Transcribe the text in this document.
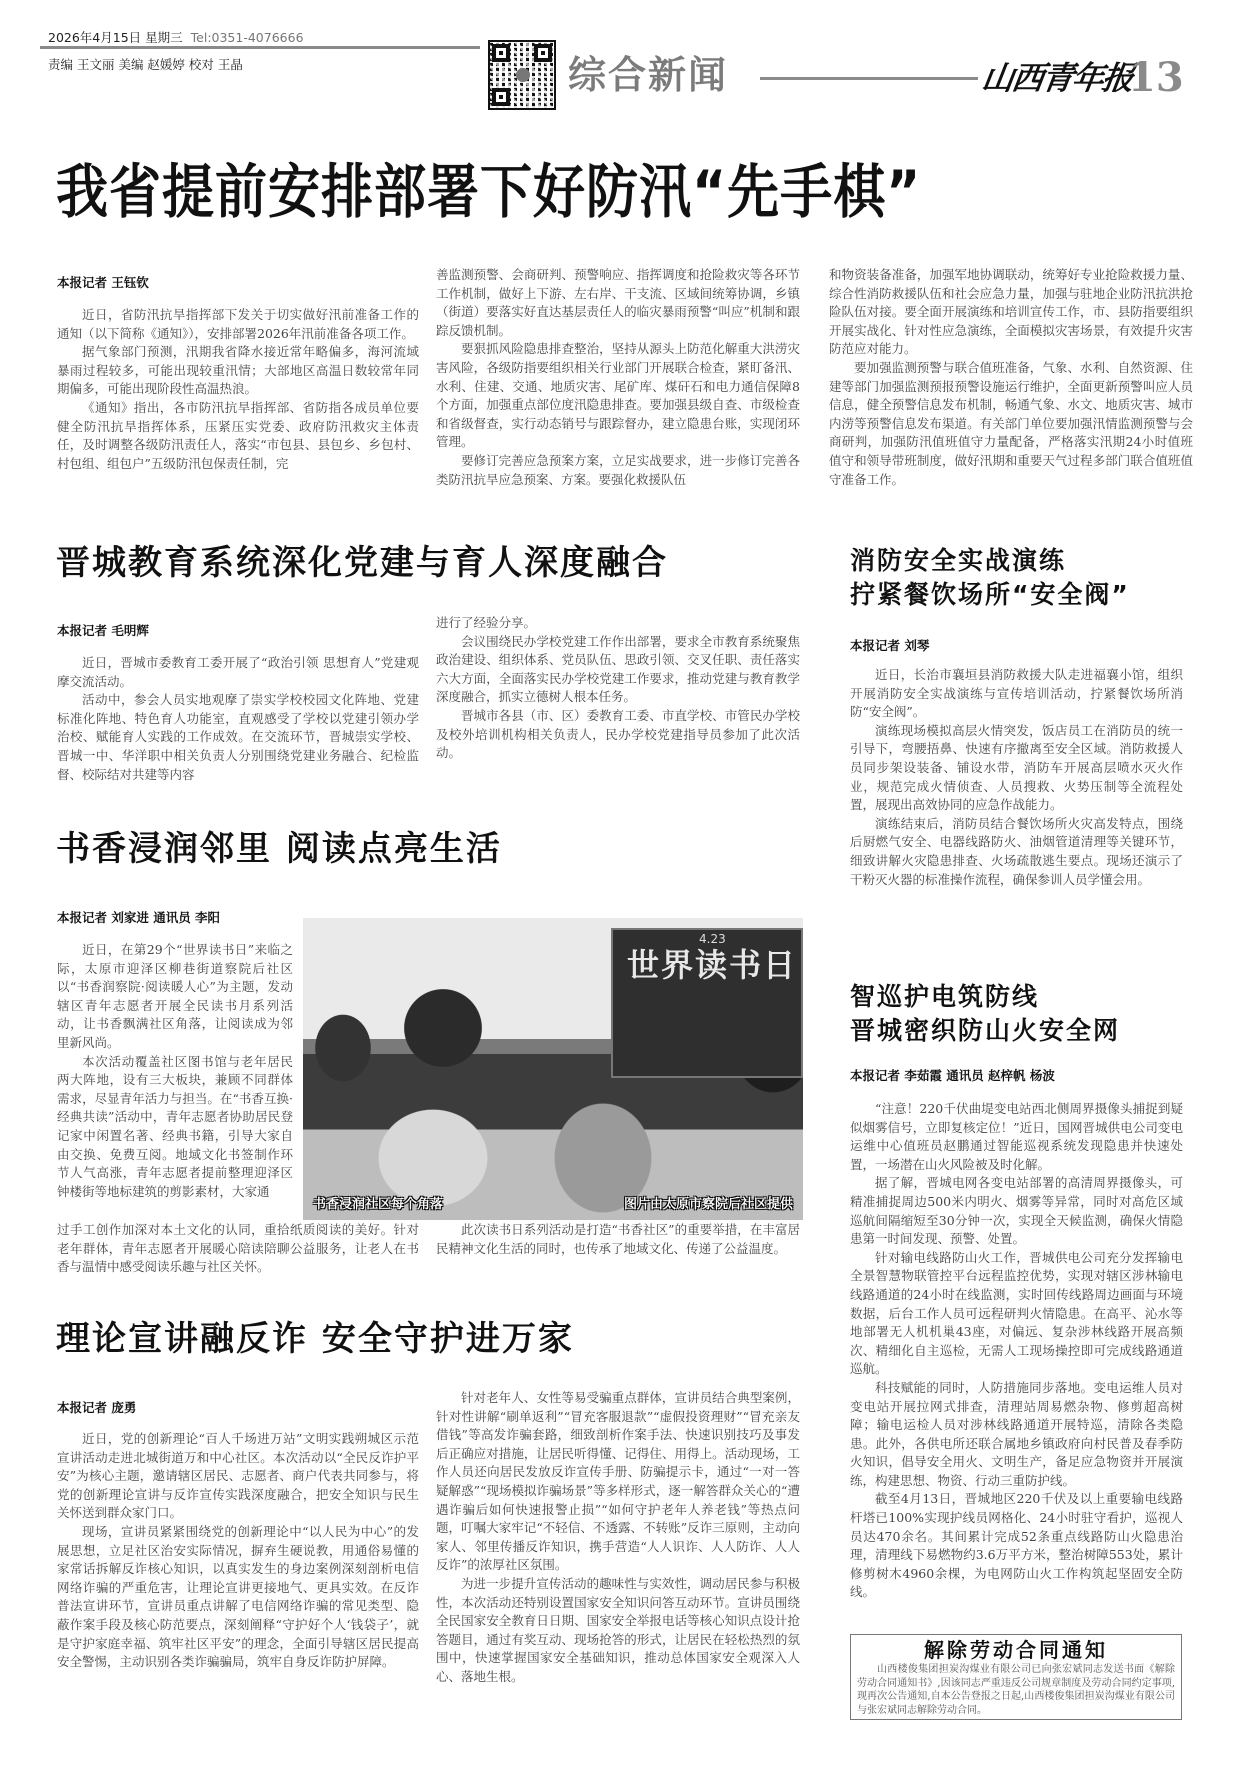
2026年4月15日 星期三 Tel:0351-4076666
责编 王文丽 美编 赵媛婷 校对 王晶	综合新闻	山西青年报
13
我省提前安排部署下好防汛“先手棋”
本报记者 王钰钦

近日，省防汛抗旱指挥部下发关于切实做好汛前准备工作的通知（以下简称《通知》），安排部署2026年汛前准备各项工作。

据气象部门预测，汛期我省降水接近常年略偏多，海河流域暴雨过程较多，可能出现较重汛情；大部地区高温日数较常年同期偏多，可能出现阶段性高温热浪。

《通知》指出，各市防汛抗旱指挥部、省防指各成员单位要健全防汛抗旱指挥体系，压紧压实党委、政府防汛救灾主体责任，及时调整各级防汛责任人，落实“市包县、县包乡、乡包村、村包组、组包户”五级防汛包保责任制，完

善监测预警、会商研判、预警响应、指挥调度和抢险救灾等各环节工作机制，做好上下游、左右岸、干支流、区域间统筹协调，乡镇（街道）要落实好直达基层责任人的临灾暴雨预警“叫应”机制和跟踪反馈机制。

要狠抓风险隐患排查整治，坚持从源头上防范化解重大洪涝灾害风险，各级防指要组织相关行业部门开展联合检查，紧盯备汛、水利、住建、交通、地质灾害、尾矿库、煤矸石和电力通信保障8个方面，加强重点部位度汛隐患排查。要加强县级自查、市级检查和省级督查，实行动态销号与跟踪督办，建立隐患台账，实现闭环管理。

要修订完善应急预案方案，立足实战要求，进一步修订完善各类防汛抗旱应急预案、方案。要强化救援队伍

和物资装备准备，加强军地协调联动，统筹好专业抢险救援力量、综合性消防救援队伍和社会应急力量，加强与驻地企业防汛抗洪抢险队伍对接。要全面开展演练和培训宣传工作，市、县防指要组织开展实战化、针对性应急演练，全面模拟灾害场景，有效提升灾害防范应对能力。

要加强监测预警与联合值班准备，气象、水利、自然资源、住建等部门加强监测预报预警设施运行维护，全面更新预警叫应人员信息，健全预警信息发布机制，畅通气象、水文、地质灾害、城市内涝等预警信息发布渠道。有关部门单位要加强汛情监测预警与会商研判，加强防汛值班值守力量配备，严格落实汛期24小时值班值守和领导带班制度，做好汛期和重要天气过程多部门联合值班值守准备工作。

晋城教育系统深化党建与育人深度融合
本报记者 毛明辉

近日，晋城市委教育工委开展了“政治引领 思想育人”党建观摩交流活动。

活动中，参会人员实地观摩了崇实学校校园文化阵地、党建标准化阵地、特色育人功能室，直观感受了学校以党建引领办学治校、赋能育人实践的工作成效。在交流环节，晋城崇实学校、晋城一中、华洋职中相关负责人分别围绕党建业务融合、纪检监督、校际结对共建等内容

进行了经验分享。

会议围绕民办学校党建工作作出部署，要求全市教育系统聚焦政治建设、组织体系、党员队伍、思政引领、交叉任职、责任落实六大方面，全面落实民办学校党建工作要求，推动党建与教育教学深度融合，抓实立德树人根本任务。

晋城市各县（市、区）委教育工委、市直学校、市管民办学校及校外培训机构相关负责人，民办学校党建指导员参加了此次活动。

书香浸润邻里 阅读点亮生活
本报记者 刘家进 通讯员 李阳

近日，在第29个“世界读书日”来临之际，太原市迎泽区柳巷街道察院后社区以“书香润察院·阅读暖人心”为主题，发动辖区青年志愿者开展全民读书月系列活动，让书香飘满社区角落，让阅读成为邻里新风尚。

本次活动覆盖社区图书馆与老年居民两大阵地，设有三大板块，兼顾不同群体需求，尽显青年活力与担当。在“书香互换·经典共读”活动中，青年志愿者协助居民登记家中闲置名著、经典书籍，引导大家自由交换、免费互阅。地域文化书签制作环节人气高涨，青年志愿者提前整理迎泽区钟楼街等地标建筑的剪影素材，大家通

4.23
世界读书日
书香浸润社区每个角落	图片由太原市察院后社区提供

过手工创作加深对本土文化的认同，重拾纸质阅读的美好。针对老年群体，青年志愿者开展暖心陪读陪聊公益服务，让老人在书香与温情中感受阅读乐趣与社区关怀。

此次读书日系列活动是打造“书香社区”的重要举措，在丰富居民精神文化生活的同时，也传承了地域文化、传递了公益温度。

理论宣讲融反诈 安全守护进万家
本报记者 庞勇

近日，党的创新理论“百人千场进万站”文明实践朔城区示范宣讲活动走进北城街道万和中心社区。本次活动以“全民反诈护平安”为核心主题，邀请辖区居民、志愿者、商户代表共同参与，将党的创新理论宣讲与反诈宣传实践深度融合，把安全知识与民生关怀送到群众家门口。

现场，宣讲员紧紧围绕党的创新理论中“以人民为中心”的发展思想，立足社区治安实际情况，摒弃生硬说教，用通俗易懂的家常话拆解反诈核心知识，以真实发生的身边案例深刻剖析电信网络诈骗的严重危害，让理论宣讲更接地气、更具实效。在反诈普法宣讲环节，宣讲员重点讲解了电信网络诈骗的常见类型、隐蔽作案手段及核心防范要点，深刻阐释“守护好个人‘钱袋子’，就是守护家庭幸福、筑牢社区平安”的理念，全面引导辖区居民提高安全警惕，主动识别各类诈骗骗局，筑牢自身反诈防护屏障。

针对老年人、女性等易受骗重点群体，宣讲员结合典型案例，针对性讲解“刷单返利”“冒充客服退款”“虚假投资理财”“冒充亲友借钱”等高发诈骗套路，细致剖析作案手法、快速识别技巧及事发后正确应对措施，让居民听得懂、记得住、用得上。活动现场，工作人员还向居民发放反诈宣传手册、防骗提示卡，通过“一对一答疑解惑”“现场模拟诈骗场景”等多样形式，逐一解答群众关心的“遭遇诈骗后如何快速报警止损”“如何守护老年人养老钱”等热点问题，叮嘱大家牢记“不轻信、不透露、不转账”反诈三原则，主动向家人、邻里传播反诈知识，携手营造“人人识诈、人人防诈、人人反诈”的浓厚社区氛围。

为进一步提升宣传活动的趣味性与实效性，调动居民参与积极性，本次活动还特别设置国家安全知识问答互动环节。宣讲员围绕全民国家安全教育日日期、国家安全举报电话等核心知识点设计抢答题目，通过有奖互动、现场抢答的形式，让居民在轻松热烈的氛围中，快速掌握国家安全基础知识，推动总体国家安全观深入人心、落地生根。

消防安全实战演练
拧紧餐饮场所“安全阀”
本报记者 刘琴

近日，长治市襄垣县消防救援大队走进福襄小馆，组织开展消防安全实战演练与宣传培训活动，拧紧餐饮场所消防“安全阀”。

演练现场模拟高层火情突发，饭店员工在消防员的统一引导下，弯腰捂鼻、快速有序撤离至安全区域。消防救援人员同步架设装备、铺设水带，消防车开展高层喷水灭火作业，规范完成火情侦查、人员搜救、火势压制等全流程处置，展现出高效协同的应急作战能力。

演练结束后，消防员结合餐饮场所火灾高发特点，围绕后厨燃气安全、电器线路防火、油烟管道清理等关键环节，细致讲解火灾隐患排查、火场疏散逃生要点。现场还演示了干粉灭火器的标准操作流程，确保参训人员学懂会用。

智巡护电筑防线
晋城密织防山火安全网
本报记者 李茹霞 通讯员 赵梓帆 杨波

“注意！220千伏曲堤变电站西北侧周界摄像头捕捉到疑似烟雾信号，立即复核定位！”近日，国网晋城供电公司变电运维中心值班员赵鹏通过智能巡视系统发现隐患并快速处置，一场潜在山火风险被及时化解。

据了解，晋城电网各变电站部署的高清周界摄像头，可精准捕捉周边500米内明火、烟雾等异常，同时对高危区域巡航间隔缩短至30分钟一次，实现全天候监测，确保火情隐患第一时间发现、预警、处置。

针对输电线路防山火工作，晋城供电公司充分发挥输电全景智慧物联管控平台远程监控优势，实现对辖区涉林输电线路通道的24小时在线监测，实时回传线路周边画面与环境数据，后台工作人员可远程研判火情隐患。在高平、沁水等地部署无人机机巢43座，对偏远、复杂涉林线路开展高频次、精细化自主巡检，无需人工现场操控即可完成线路通道巡航。

科技赋能的同时，人防措施同步落地。变电运维人员对变电站开展拉网式排查，清理站周易燃杂物、修剪超高树障；输电运检人员对涉林线路通道开展特巡，清除各类隐患。此外，各供电所还联合属地乡镇政府向村民普及春季防火知识，倡导安全用火、文明生产，备足应急物资并开展演练，构建思想、物资、行动三重防护线。

截至4月13日，晋城地区220千伏及以上重要输电线路杆塔已100%实现护线员网格化、24小时驻守看护，巡视人员达470余名。其间累计完成52条重点线路防山火隐患治理，清理线下易燃物约3.6万平方米，整治树障553处，累计修剪树木4960余棵，为电网防山火工作构筑起坚固安全防线。

解除劳动合同通知
山西楼俊集团担炭沟煤业有限公司已向张宏斌同志发送书面《解除劳动合同通知书》,因该同志严重违反公司规章制度及劳动合同约定事项,现再次公告通知,自本公告登报之日起,山西楼俊集团担炭沟煤业有限公司与张宏斌同志解除劳动合同。
